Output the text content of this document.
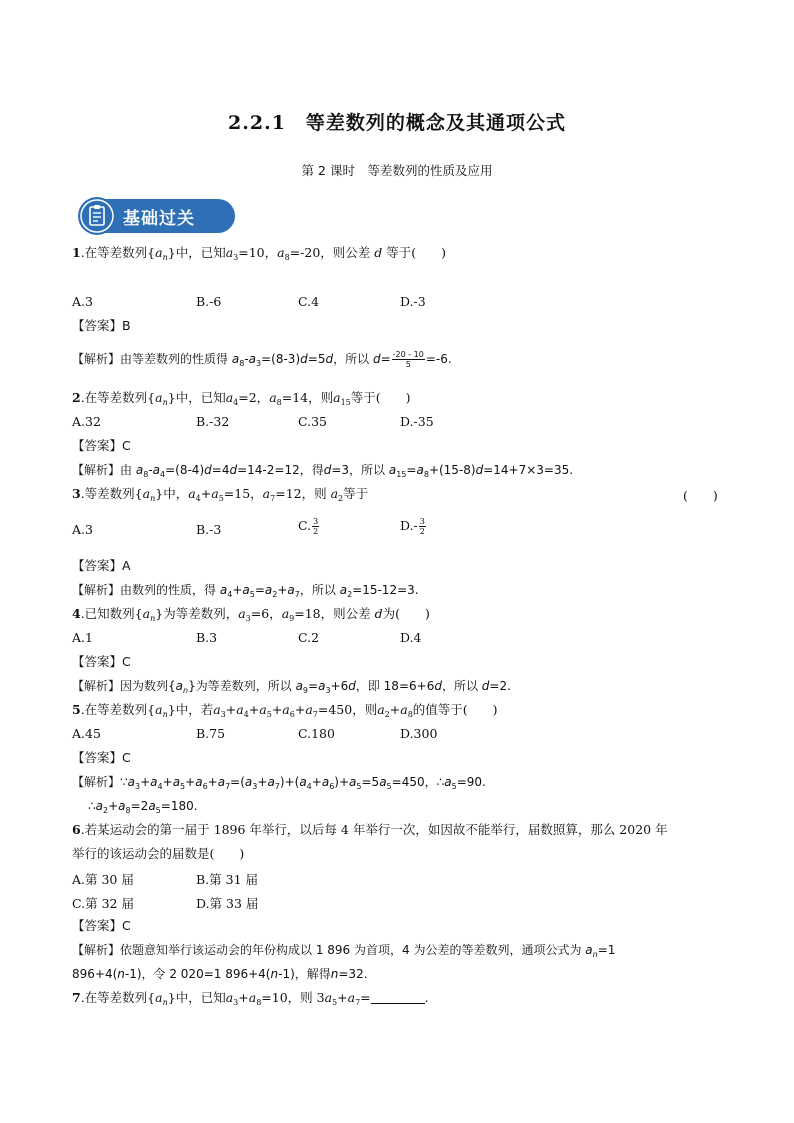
2.2.1　等差数列的概念及其通项公式
第 2 课时　等差数列的性质及应用
基础过关
1.在等差数列$\{a_n\}$中，已知$a_3=10$，$a_8=-20$，则公差 d 等于(　　)
A.3	B.-6	C.4	D.-3
【答案】B
【解析】由等差数列的性质得 $a_8-a_3=(8-3)d=5d$，所以 $d= \frac{-20 - 10}{5} =-6$.
2.在等差数列$\{a_n\}$中，已知$a_4=2$，$a_8=14$，则$a_{15}$等于(　　)
A.32	B.-32	C.35	D.-35
【答案】C
【解析】由 $a_8-a_4=(8-4)d=4d=14-2=12$，得d=3，所以 $a_{15}=a_8+(15-8)d=14+7\times 3=35$.
3.等差数列$\{a_n\}$中，$a_4+a_5=15$，$a_7=12$，则 $a_2$等于	(　　)
A.3	B.-3	C. $\frac{3}{2}$	$D.- \frac{3}{2}$
【答案】A
【解析】由数列的性质，得 $a_4+a_5=a_2+a_7$，所以 $a_2=15-12=3$.
4.已知数列$\{a_n\}$为等差数列，$a_3=6$，$a_9=18$，则公差 d为(　　)
A.1	B.3	C.2	D.4
【答案】C
【解析】因为数列$\{a_n\}$为等差数列，所以 $a_9=a_3+6d$，即 18=6+6d，所以 d=2.
5.在等差数列$\{a_n\}$中，若$a_3+a_4+a_5+a_6+a_7=450$，则$a_2+a_8$的值等于(　　)
A.45	B.75	C.180	D.300
【答案】C
【解析】$\because a_3+a_4+a_5+a_6+a_7=(a_3+a_7)+(a_4+a_6)+a_5=5a_5=450$，$\therefore a_5=90$.
$\therefore a_2+a_8=2a_5=180$.
6.若某运动会的第一届于 1896 年举行，以后每 4 年举行一次，如因故不能举行，届数照算，那么 2020 年
举行的该运动会的届数是(　　)
A.第 30 届	B.第 31 届
C.第 32 届	D.第 33 届
【答案】C
【解析】依题意知举行该运动会的年份构成以 1 896 为首项，4 为公差的等差数列，通项公式为 $a_n=1$
896+4(n-1)，令 2 020=1 896+4(n-1)，解得n=32.
7.在等差数列$\{a_n\}$中，已知$a_3+a_8=10$，则 $3a_5+a_7=$	.
